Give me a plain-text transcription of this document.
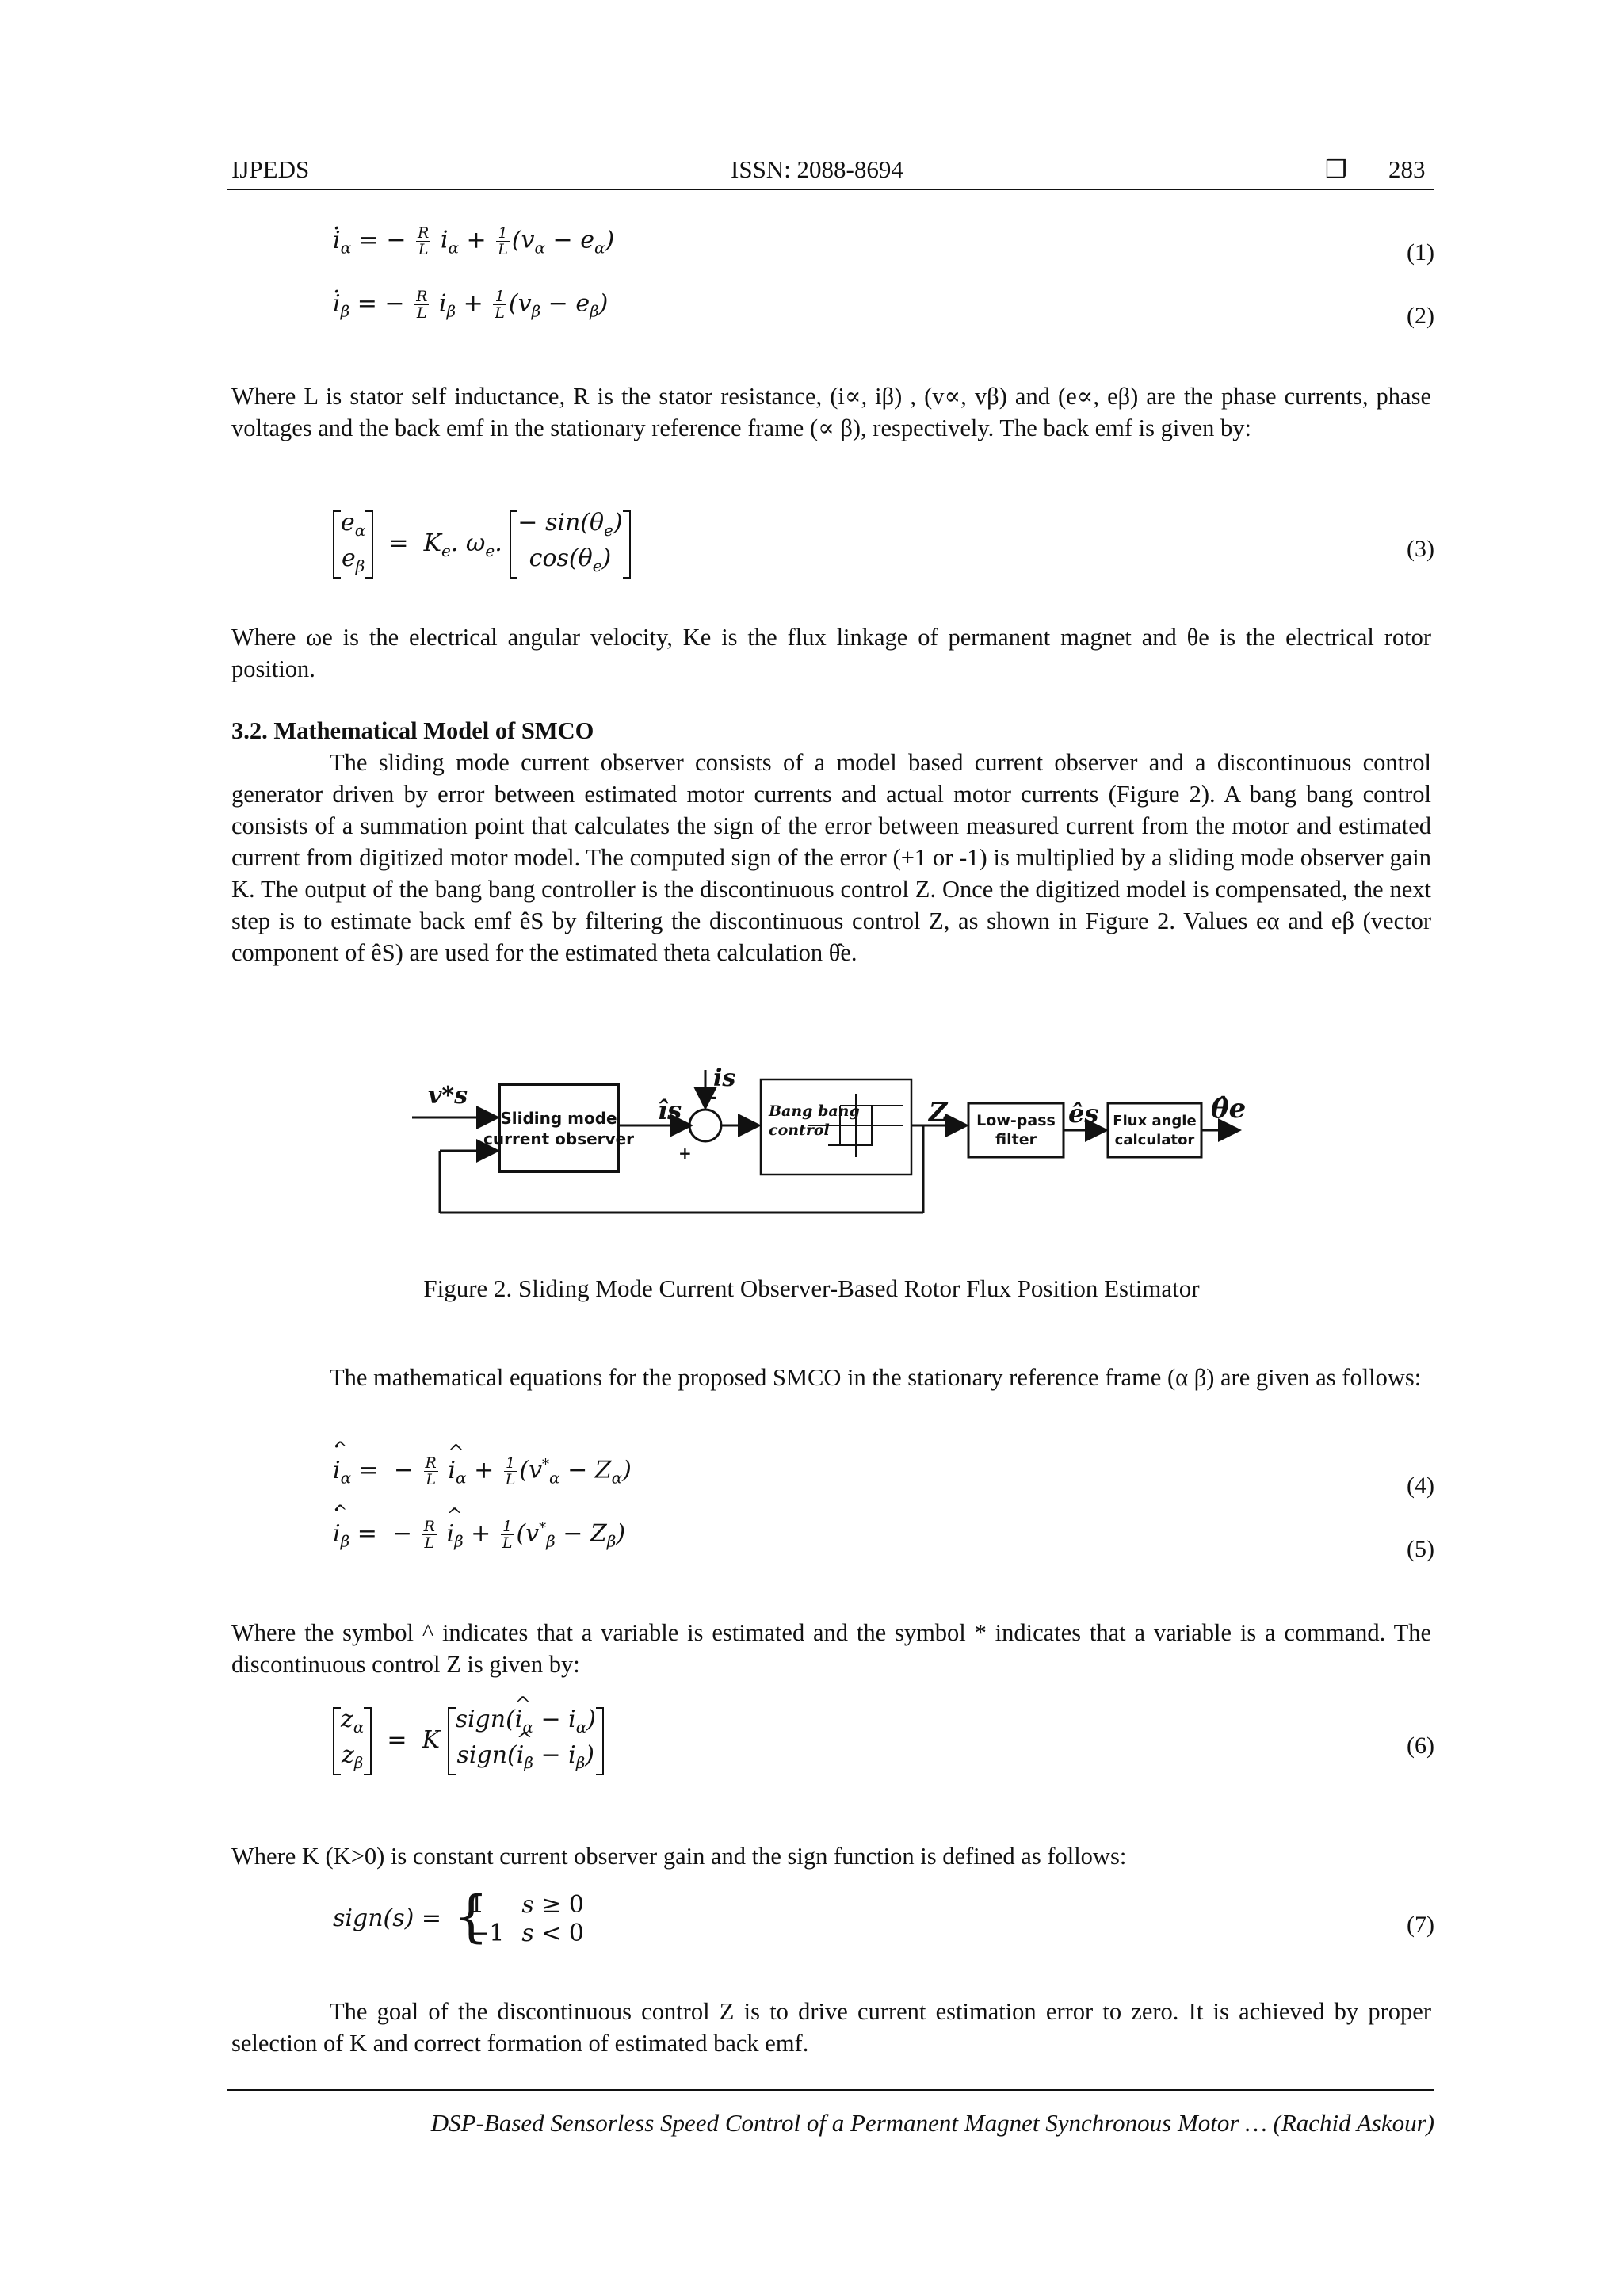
IJPEDS	ISSN: 2088-8694	❒ 283
. $i_\alpha$ = − $\frac{R}{L} i_\alpha + \frac{1}{L} (v_\alpha - e_\alpha)$	(1)
. $i_\beta$ = − $\frac{R}{L} i_\beta + \frac{1}{L} (v_\beta - e_\beta)$	(2)
Where L is stator self inductance, R is the stator resistance, (i∝, iβ) , (v∝, vβ) and (e∝, eβ) are the phase currents, phase voltages and the back emf in the stationary reference frame (∝ β), respectively. The back emf is given by:
$e_\alpha$
$e_\beta$
=  $K_e$. $\omega_e$.
− $\sin(\theta_e)$
$\cos(\theta_e)$	(3)
Where ωe is the electrical angular velocity, Ke is the flux linkage of permanent magnet and θe is the electrical rotor position.
3.2. Mathematical Model of SMCO
The sliding mode current observer consists of a model based current observer and a discontinuous control generator driven by error between estimated motor currents and actual motor currents (Figure 2). A bang bang control consists of a summation point that calculates the sign of the error between measured current from the motor and estimated current from digitized motor model. The computed sign of the error (+1 or -1) is multiplied by a sliding mode observer gain K. The output of the bang bang controller is the discontinuous control Z. Once the digitized model is compensated, the next step is to estimate back emf êS by filtering the discontinuous control Z, as shown in Figure 2. Values eα and eβ (vector component of êS) are used for the estimated theta calculation θ̂e.
v*s
Sliding mode
current observer
îs
is
+
-
Bang bang
control
Z Low-pass
filter
ês Flux angle
calculator
θ̂e
Figure 2. Sliding Mode Current Observer-Based Rotor Flux Position Estimator
The mathematical equations for the proposed SMCO in the stationary reference frame (α β) are given as follows:
^ i $._\alpha$ =  − $\frac{R}{L}$ ^ $i_\alpha + \frac{1}{L} (v^*_\alpha - Z_\alpha)$
(4)
^ i $._\beta$ =  − $\frac{R}{L}$ ^ $i_\beta + \frac{1}{L} (v^*_\beta - Z_\beta)$
(5)
Where the symbol ^ indicates that a variable is estimated and the symbol * indicates that a variable is a command. The discontinuous control Z is given by:
$z_\alpha$
$z_\beta$
=  K
sign(^ $i_\alpha - i_\alpha$)
sign(^ $i_\beta - i_\beta$)	(6)
Where K (K>0) is constant current observer gain and the sign function is defined as follows:
sign(s) = { 1	s ≥ 0
−1	s < 0	(7)
The goal of the discontinuous control Z is to drive current estimation error to zero. It is achieved by proper selection of K and correct formation of estimated back emf.
DSP-Based Sensorless Speed Control of a Permanent Magnet Synchronous Motor … (Rachid Askour)
